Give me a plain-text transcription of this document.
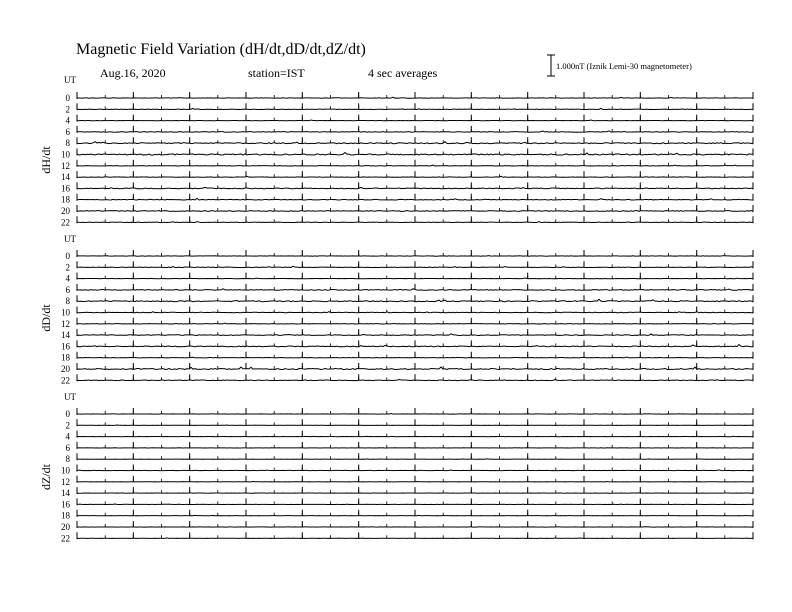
Magnetic Field Variation (dH/dt,dD/dt,dZ/dt)
Aug.16, 2020	station=IST	4 sec averages	1.000nT (Iznik Lemi-30 magnetometer)
UT
dH/dt
0
2
4
6
8
10
12
14
16
18
20
22
UT
dD/dt
0
2
4
6
8
10
12
14
16
18
20
22
UT
dZ/dt
0
2
4
6
8
10
12
14
16
18
20
22
